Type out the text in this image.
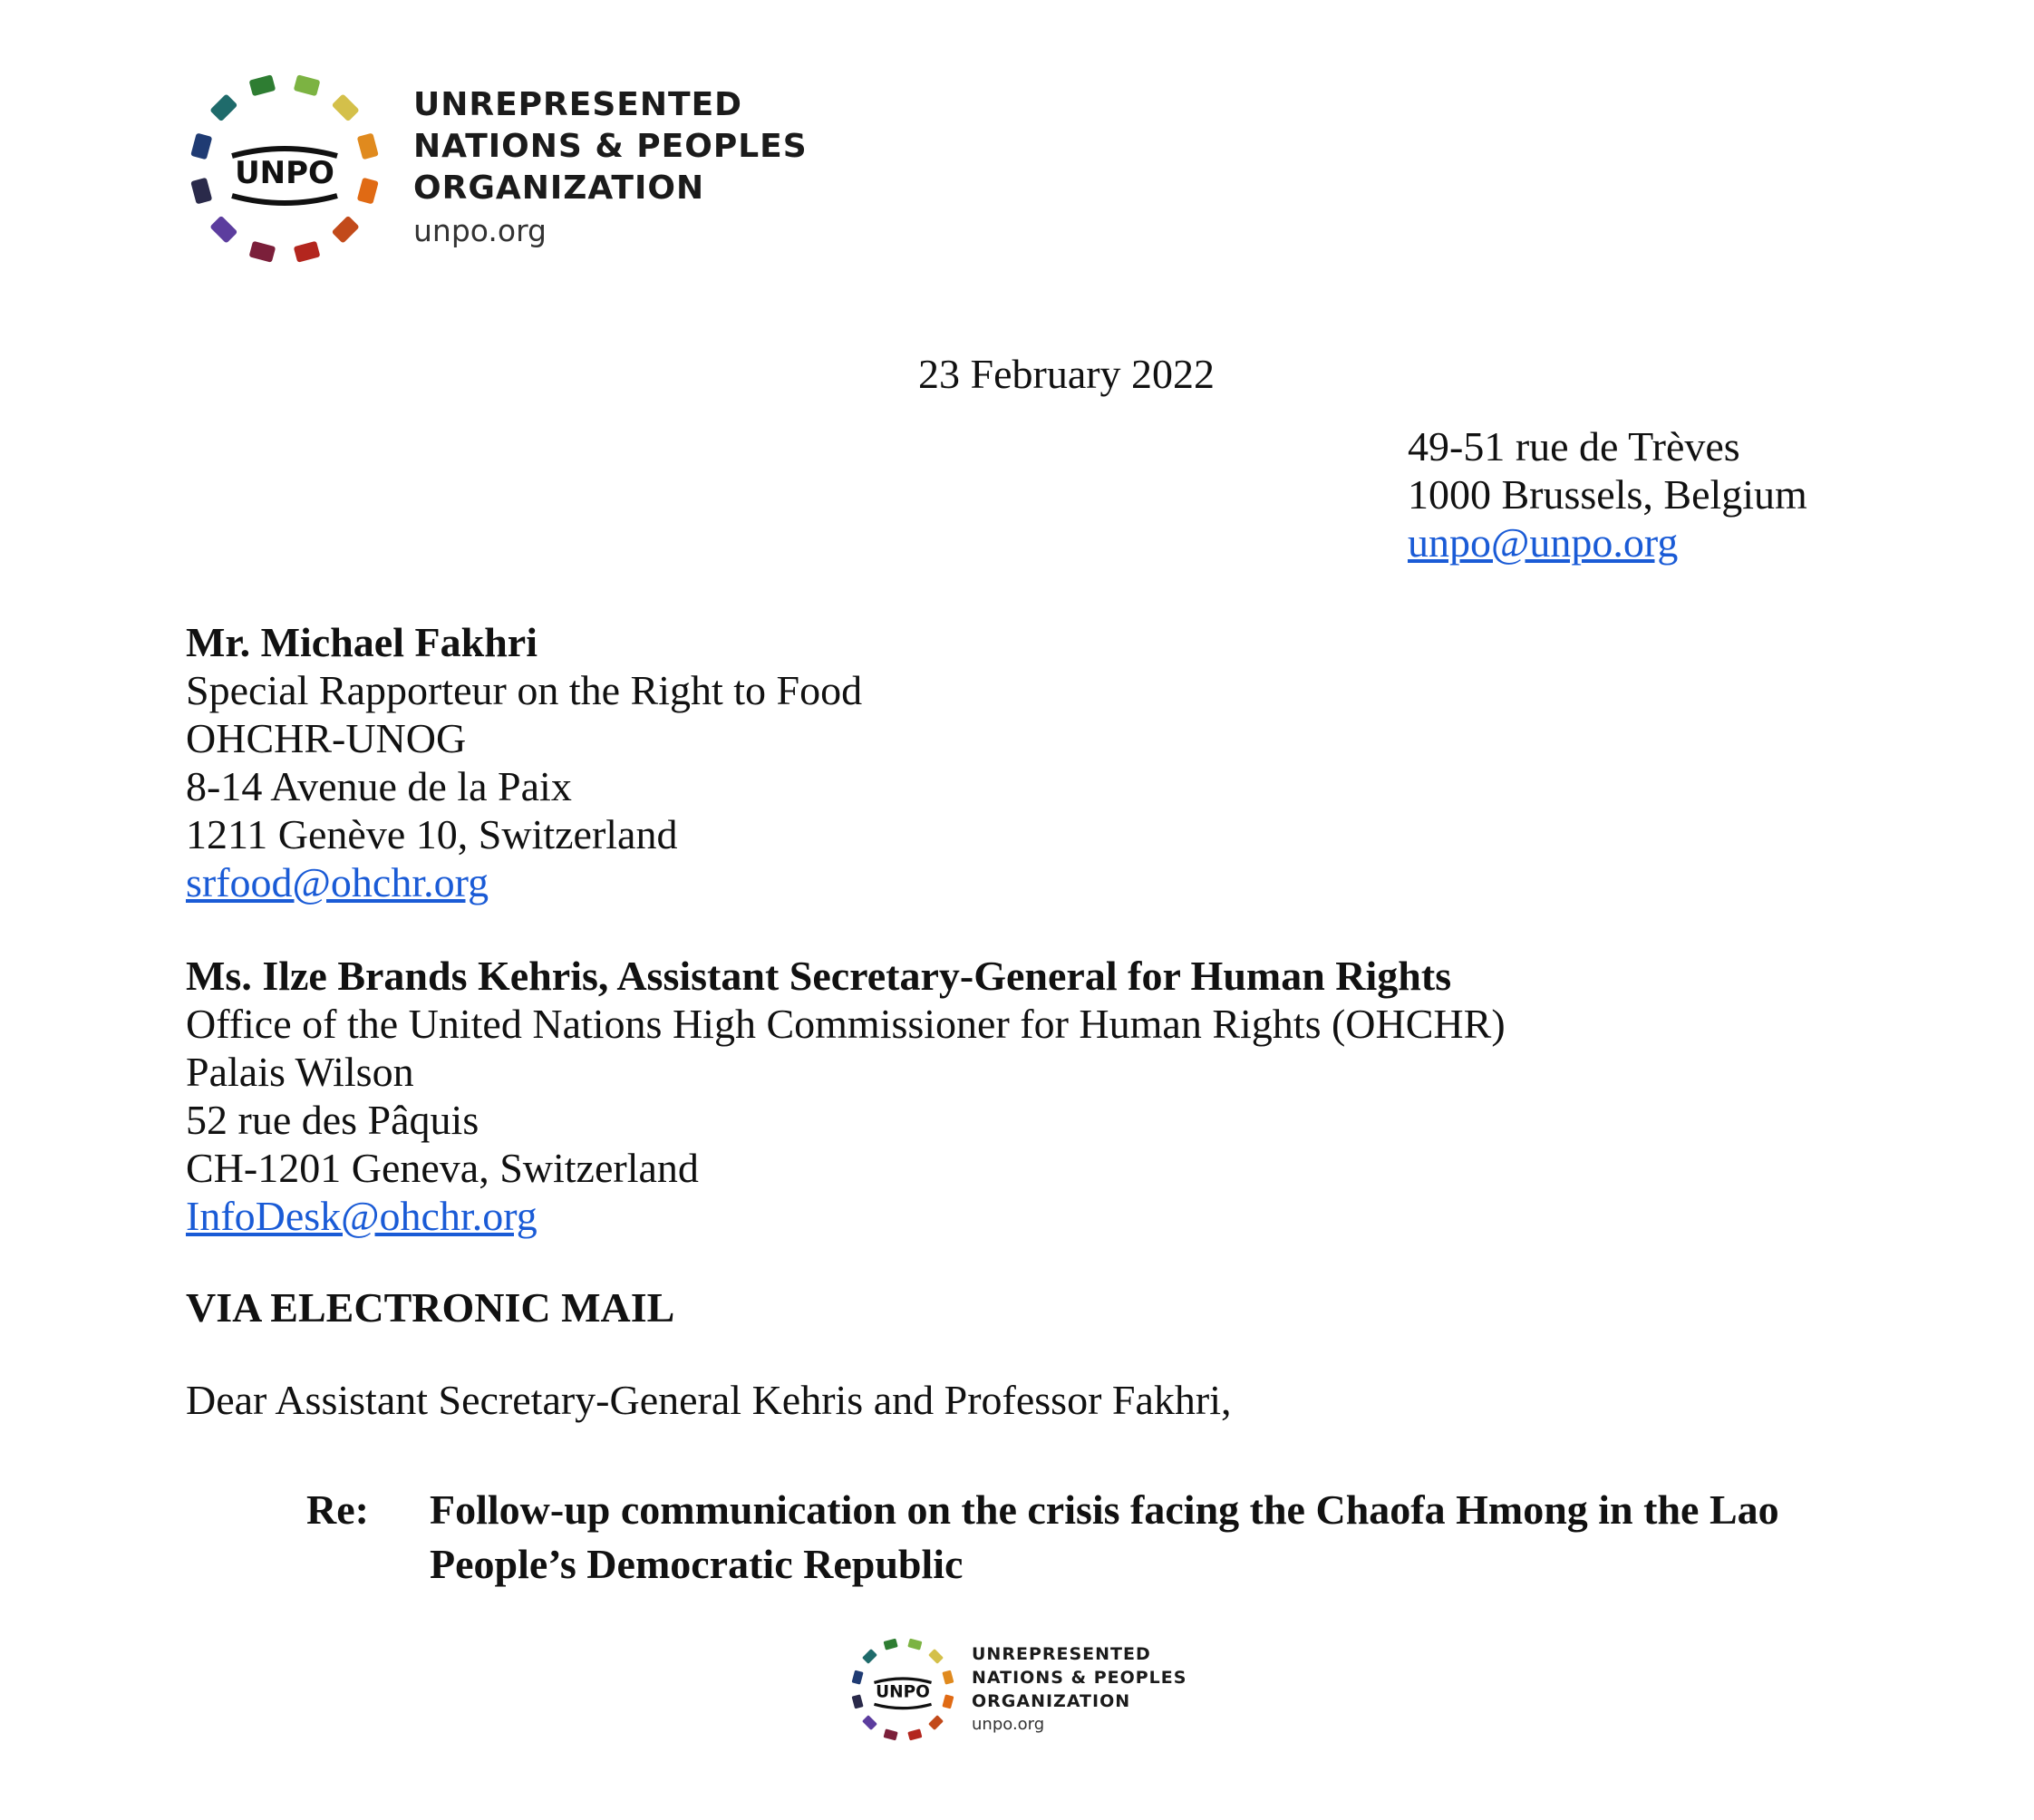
UNPO
UNREPRESENTED
NATIONS & PEOPLES
ORGANIZATION
unpo.org
23 February 2022
49-51 rue de Trèves
1000 Brussels, Belgium
unpo@unpo.org
Mr. Michael Fakhri
Special Rapporteur on the Right to Food
OHCHR-UNOG
8-14 Avenue de la Paix
1211 Genève 10, Switzerland
srfood@ohchr.org
Ms. Ilze Brands Kehris, Assistant Secretary-General for Human Rights
Office of the United Nations High Commissioner for Human Rights (OHCHR)
Palais Wilson
52 rue des Pâquis
CH-1201 Geneva, Switzerland
InfoDesk@ohchr.org
VIA ELECTRONIC MAIL
Dear Assistant Secretary-General Kehris and Professor Fakhri,
Re: Follow-up communication on the crisis facing the Chaofa Hmong in the Lao
People’s Democratic Republic
UNPO
UNREPRESENTED
NATIONS & PEOPLES
ORGANIZATION
unpo.org
